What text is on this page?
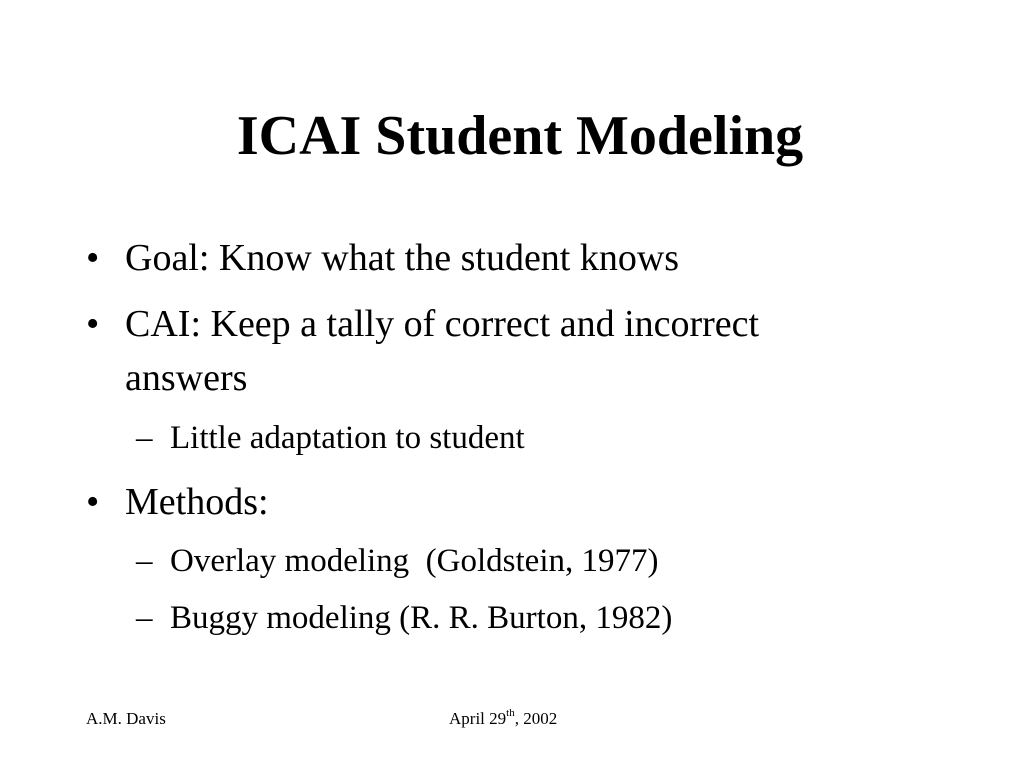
ICAI Student Modeling
• Goal: Know what the student knows
• CAI: Keep a tally of correct and incorrect
answers
– Little adaptation to student
• Methods:
– Overlay modeling  (Goldstein, 1977)
– Buggy modeling (R. R. Burton, 1982)
A.M. Davis	April 29th, 2002
